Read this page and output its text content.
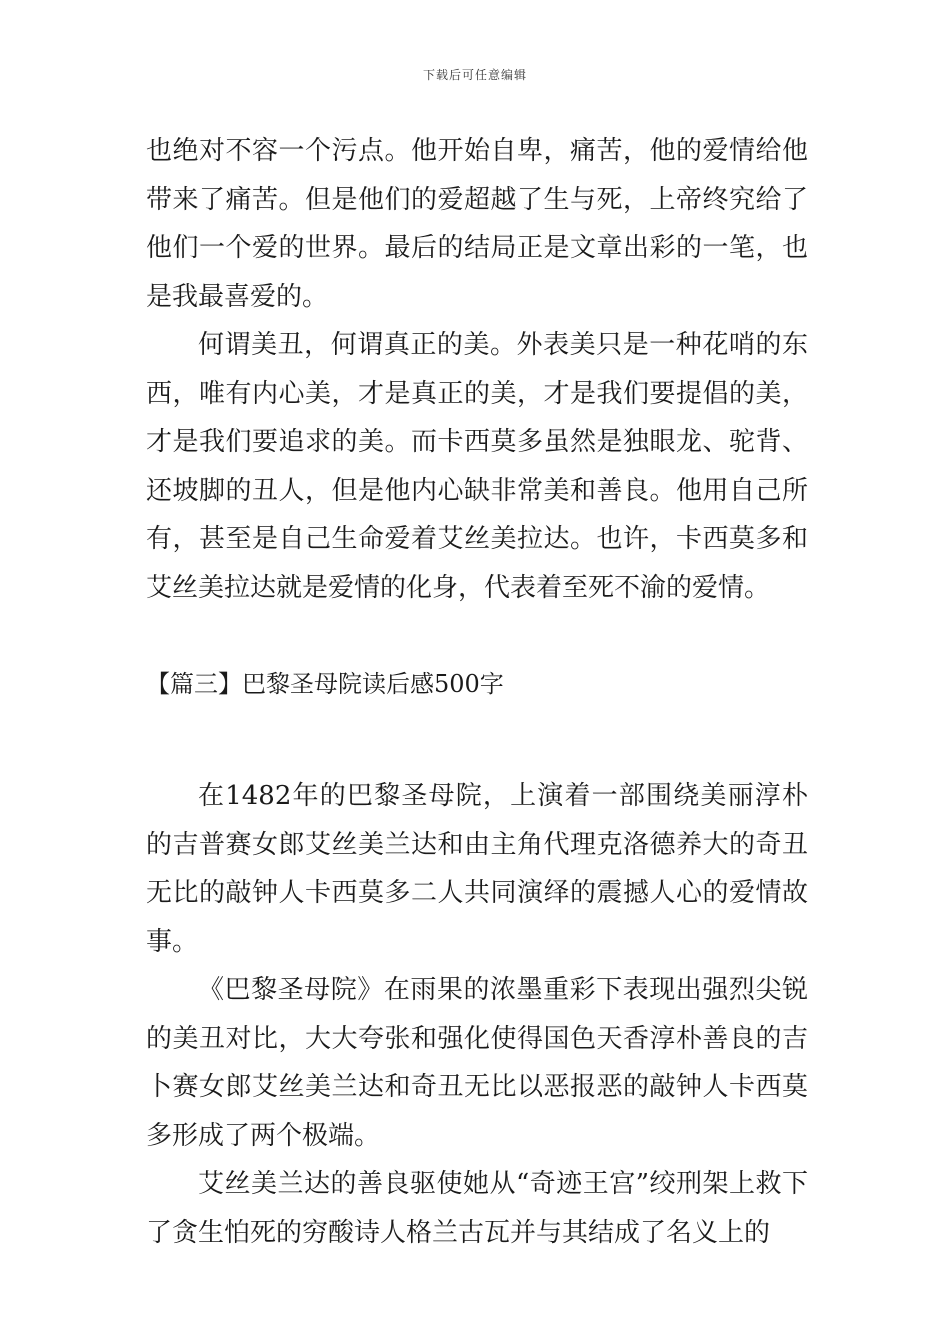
下载后可任意编辑

也绝对不容一个污点。他开始自卑，痛苦，他的爱情给他带来了痛苦。但是他们的爱超越了生与死，上帝终究给了他们一个爱的世界。最后的结局正是文章出彩的一笔，也是我最喜爱的。

何谓美丑，何谓真正的美。外表美只是一种花哨的东西，唯有内心美，才是真正的美，才是我们要提倡的美，才是我们要追求的美。而卡西莫多虽然是独眼龙、驼背、还坡脚的丑人，但是他内心缺非常美和善良。他用自己所有，甚至是自己生命爱着艾丝美拉达。也许，卡西莫多和艾丝美拉达就是爱情的化身，代表着至死不渝的爱情。

【篇三】巴黎圣母院读后感500字

在1482年的巴黎圣母院，上演着一部围绕美丽淳朴的吉普赛女郎艾丝美兰达和由主角代理克洛德养大的奇丑无比的敲钟人卡西莫多二人共同演绎的震撼人心的爱情故事。

《巴黎圣母院》在雨果的浓墨重彩下表现出强烈尖锐的美丑对比，大大夸张和强化使得国色天香淳朴善良的吉卜赛女郎艾丝美兰达和奇丑无比以恶报恶的敲钟人卡西莫多形成了两个极端。

艾丝美兰达的善良驱使她从“奇迹王宫”绞刑架上救下了贪生怕死的穷酸诗人格兰古瓦并与其结成了名义上的
